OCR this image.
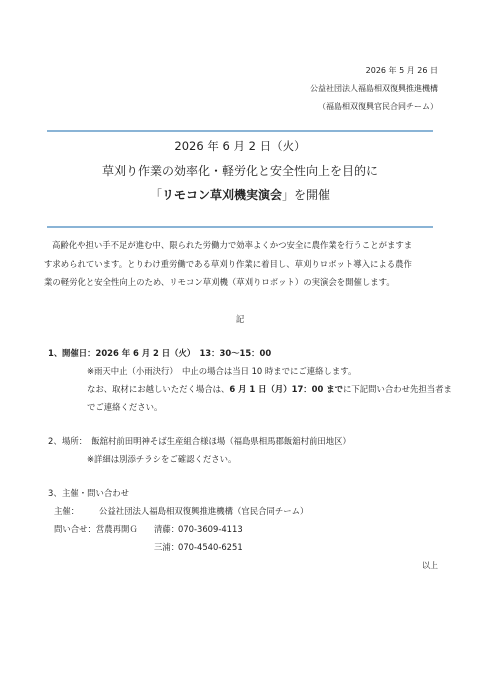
2026 年 5 月 26 日
公益社団法人福島相双復興推進機構
（福島相双復興官民合同チーム）
2026 年 6 月 2 日（火）
草刈り作業の効率化・軽労化と安全性向上を目的に
「リモコン草刈機実演会」を開催
高齢化や担い手不足が進む中、限られた労働力で効率よくかつ安全に農作業を行うことがますま
す求められています。とりわけ重労働である草刈り作業に着目し、草刈りロボット導入による農作
業の軽労化と安全性向上のため、リモコン草刈機（草刈りロボット）の実演会を開催します。
記
1、 開催日：2026 年 6 月 2 日（火）　13：30～15：00
※雨天中止（小雨決行）　中止の場合は当日 10 時までにご連絡します。
なお、取材にお越しいただく場合は、6 月 1 日（月）17：00 までに下記問い合わせ先担当者ま
でご連絡ください。
2、 場所：　飯舘村前田明神そば生産組合様ほ場（福島県相馬郡飯舘村前田地区）
※詳細は別添チラシをご確認ください。
3、 主催・問い合わせ
主催： 公益社団法人福島相双復興推進機構（官民合同チーム）
問い合せ：営農再開Ｇ 清藤：
070-3609-4113
三浦：
070-4540-6251
以上
